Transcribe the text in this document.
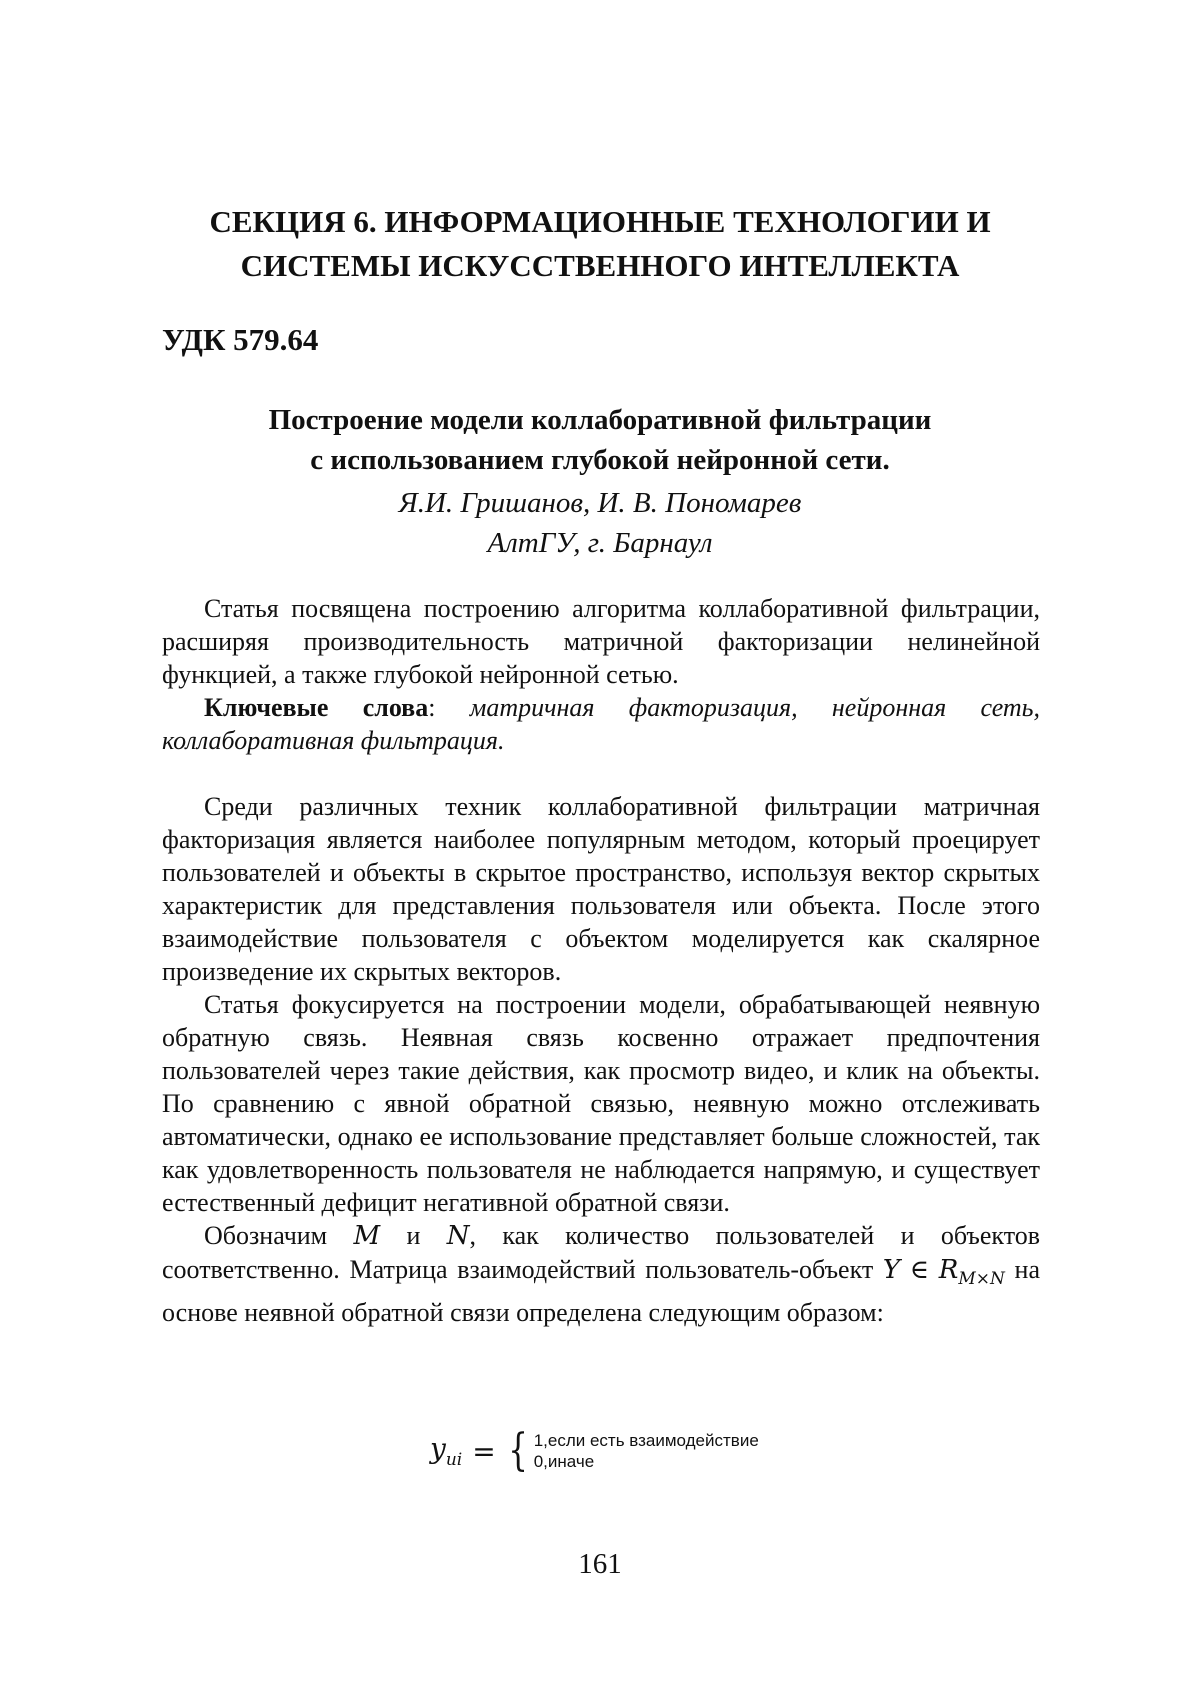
СЕКЦИЯ 6. ИНФОРМАЦИОННЫЕ ТЕХНОЛОГИИ И
СИСТЕМЫ ИСКУССТВЕННОГО ИНТЕЛЛЕКТА
УДК 579.64
Построение модели коллаборативной фильтрации
с использованием глубокой нейронной сети.
Я.И. Гришанов, И. В. Пономарев
АлтГУ, г. Барнаул

Статья посвящена построению алгоритма коллаборативной фильтрации, расширяя производительность матричной факторизации нелинейной функцией, а также глубокой нейронной сетью.

Ключевые слова: матричная факторизация, нейронная сеть, коллаборативная фильтрация.

Среди различных техник коллаборативной фильтрации матричная факторизация является наиболее популярным методом, который проецирует пользователей и объекты в скрытое пространство, используя вектор скрытых характеристик для представления пользователя или объекта. После этого взаимодействие пользователя с объектом моделируется как скалярное произведение их скрытых векторов.

Статья фокусируется на построении модели, обрабатывающей неявную обратную связь. Неявная связь косвенно отражает предпочтения пользователей через такие действия, как просмотр видео, и клик на объекты. По сравнению с явной обратной связью, неявную можно отслеживать автоматически, однако ее использование представляет больше сложностей, так как удовлетворенность пользователя не наблюдается напрямую, и существует естественный дефицит негативной обратной связи.

Обозначим M и N, как количество пользователей и объектов соответственно. Матрица взаимодействий пользователь-объект Y ∈ RM×N на основе неявной обратной связи определена следующим образом:

yui = { 1,если есть взаимодействие
0,иначе
161
